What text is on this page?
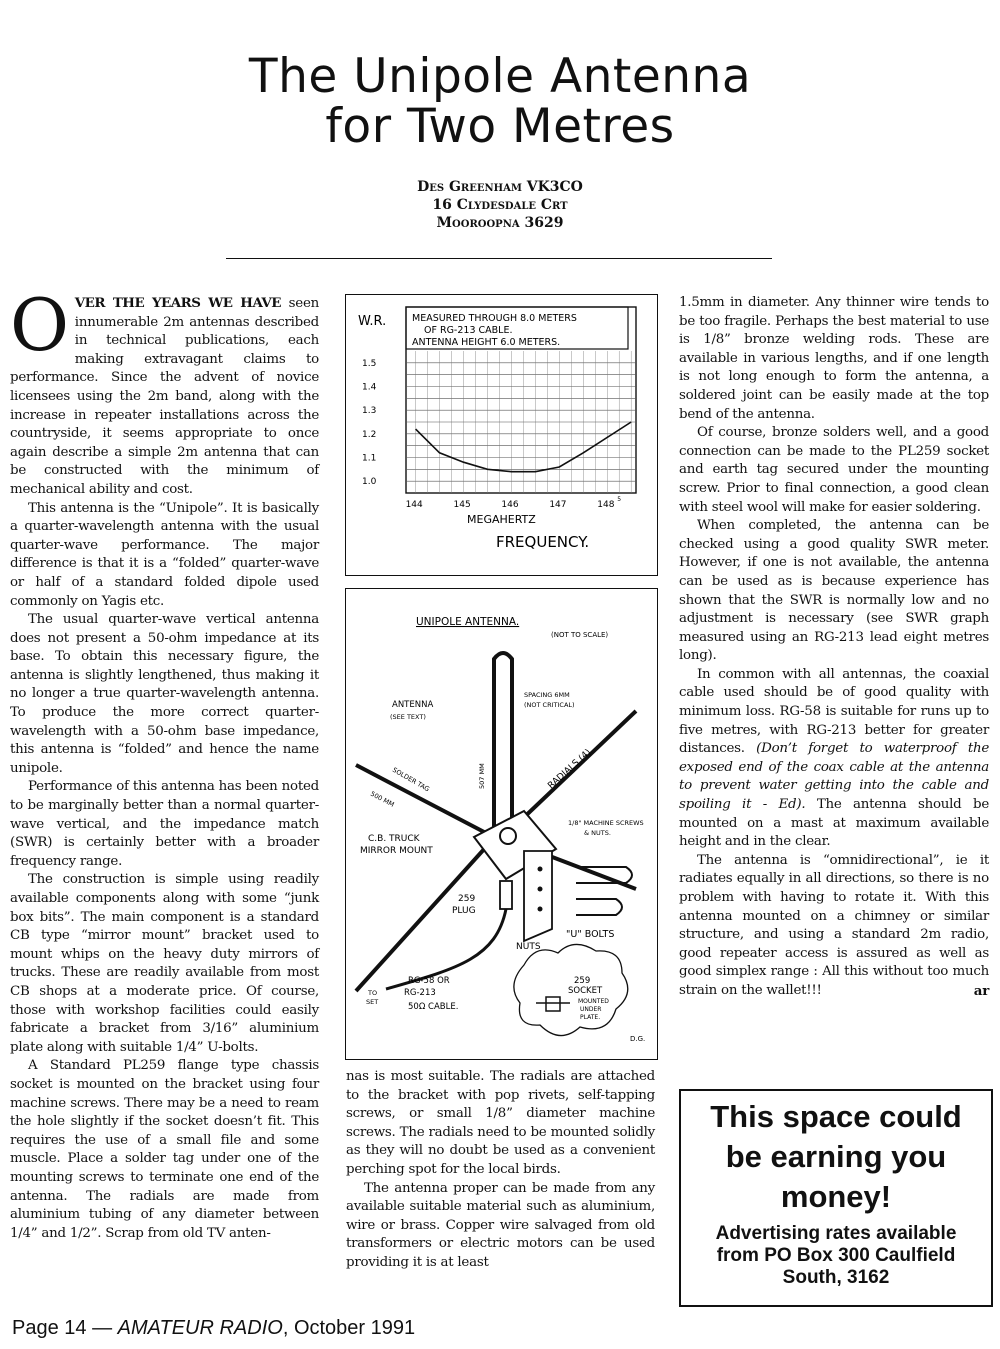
The Unipole Antenna
for Two Metres
Des Greenham VK3CO
16 Clydesdale Crt
Mooroopna 3629

OVER THE YEARS WE HAVE seen innumerable 2m antennas described in technical publications, each making extravagant claims to performance. Since the advent of novice licensees using the 2m band, along with the increase in repeater installations across the countryside, it seems appropriate to once again describe a simple 2m antenna that can be constructed with the minimum of mechanical ability and cost.

This antenna is the “Unipole”. It is basically a quarter-wavelength antenna with the usual quarter-wave performance. The major difference is that it is a “folded” quarter-wave or half of a standard folded dipole used commonly on Yagis etc.

The usual quarter-wave vertical antenna does not present a 50-ohm impedance at its base. To obtain this necessary figure, the antenna is slightly lengthened, thus making it no longer a true quarter-wavelength antenna. To produce the more correct quarter-wavelength with a 50-ohm base impedance, this antenna is “folded” and hence the name unipole.

Performance of this antenna has been noted to be marginally better than a normal quarter-wave vertical, and the impedance match (SWR) is certainly better with a broader frequency range.

The construction is simple using readily available components along with some “junk box bits”. The main component is a standard CB type “mirror mount” bracket used to mount whips on the heavy duty mirrors of trucks. These are readily available from most CB shops at a moderate price. Of course, those with workshop facilities could easily fabricate a bracket from 3/16” aluminium plate along with suitable 1/4” U-bolts.

A Standard PL259 flange type chassis socket is mounted on the bracket using four machine screws. There may be a need to ream the hole slightly if the socket doesn’t fit. This requires the use of a small file and some muscle. Place a solder tag under one of the mounting screws to terminate one end of the antenna. The radials are made from aluminium tubing of any diameter between 1/4” and 1/2”. Scrap from old TV anten-

W.R.	MEASURED THROUGH 8.0 METERS
OF RG-213 CABLE.
ANTENNA HEIGHT 6.0 METERS.
1.5
1.4
1.3
1.2
1.1
1.0
144	145	146	147	148
5
MEGAHERTZ
FREQUENCY.
UNIPOLE ANTENNA.
(NOT TO SCALE)
ANTENNA
(SEE TEXT)
SPACING 6MM
(NOT CRITICAL)
507 MM
SOLDER TAG
500 MM
RADIALS (4)
1/8" MACHINE SCREWS
& NUTS.
C.B. TRUCK
MIRROR MOUNT
259
PLUG
"U" BOLTS
NUTS
259
SOCKET
MOUNTED
UNDER
PLATE.
RG-58 OR
RG-213
50Ω CABLE.
TO
SET
D.G.

nas is most suitable. The radials are attached to the bracket with pop rivets, self-tapping screws, or small 1/8” diameter machine screws. The radials need to be mounted solidly as they will no doubt be used as a convenient perching spot for the local birds.

The antenna proper can be made from any available suitable material such as aluminium, wire or brass. Copper wire salvaged from old transformers or electric motors can be used providing it is at least

1.5mm in diameter. Any thinner wire tends to be too fragile. Perhaps the best material to use is 1/8” bronze welding rods. These are available in various lengths, and if one length is not long enough to form the antenna, a soldered joint can be easily made at the top bend of the antenna.

Of course, bronze solders well, and a good connection can be made to the PL259 socket and earth tag secured under the mounting screw. Prior to final connection, a good clean with steel wool will make for easier soldering.

When completed, the antenna can be checked using a good quality SWR meter. However, if one is not available, the antenna can be used as is because experience has shown that the SWR is normally low and no adjustment is necessary (see SWR graph measured using an RG-213 lead eight metres long).

In common with all antennas, the coaxial cable used should be of good quality with minimum loss. RG-58 is suitable for runs up to five metres, with RG-213 better for greater distances. (Don’t forget to waterproof the exposed end of the coax cable at the antenna to prevent water getting into the cable and spoiling it - Ed). The antenna should be mounted on a mast at maximum available height and in the clear.

The antenna is “omnidirectional”, ie it radiates equally in all directions, so there is no problem with having to rotate it. With this antenna mounted on a chimney or similar structure, and using a standard 2m radio, good repeater access is assured as well as good simplex range : All this without too much strain on the wallet!!!	ar

This space could
be earning you
money!
Advertising rates available
from PO Box 300 Caulfield
South, 3162
Page 14 — AMATEUR RADIO, October 1991
